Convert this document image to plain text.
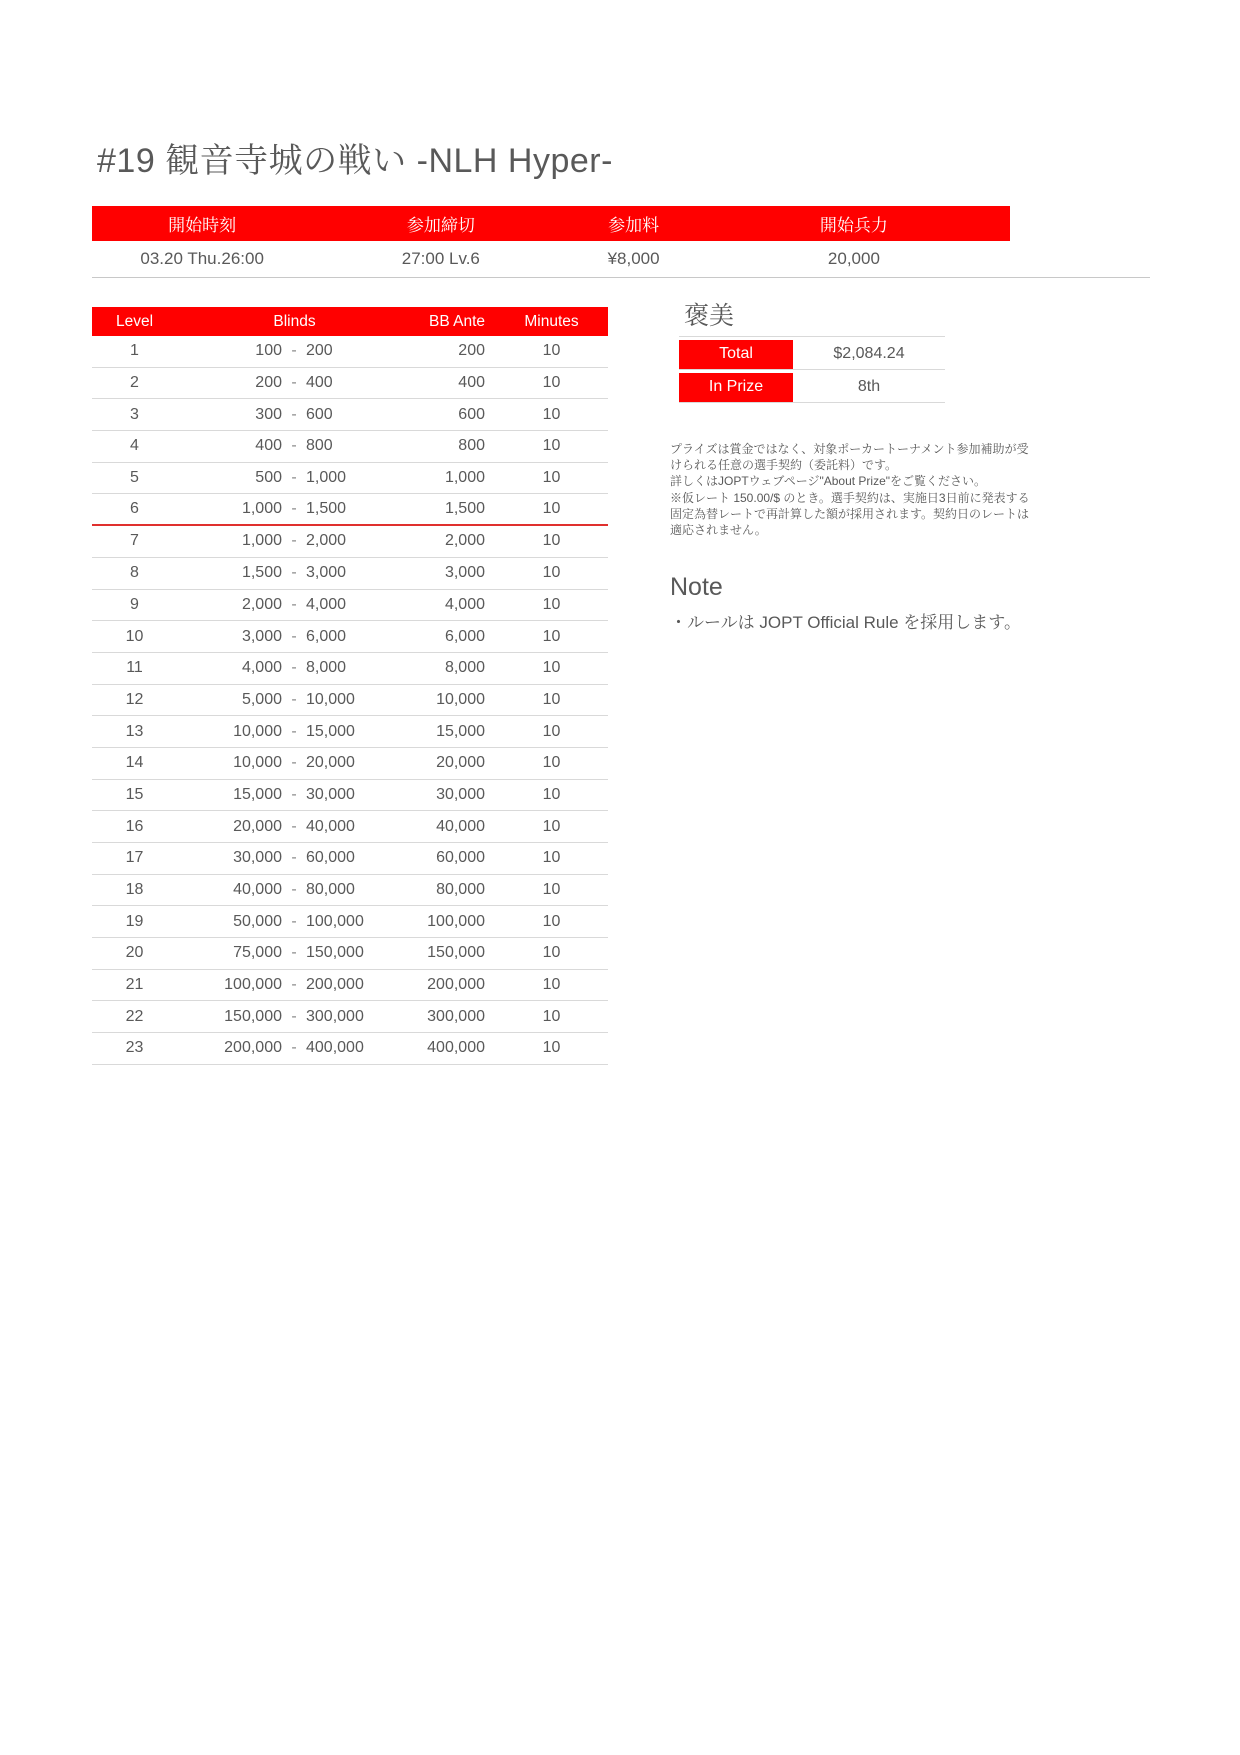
#19 観音寺城の戦い -NLH Hyper-
開始時刻	参加締切	参加料	開始兵力
03.20 Thu.26:00	27:00 Lv.6	¥8,000	20,000
Level	Blinds	BB Ante	Minutes
1	100 - 200	200	10
2	200 - 400	400	10
3	300 - 600	600	10
4	400 - 800	800	10
5	500 - 1,000	1,000	10
6	1,000 - 1,500	1,500	10
7	1,000 - 2,000	2,000	10
8	1,500 - 3,000	3,000	10
9	2,000 - 4,000	4,000	10
10	3,000 - 6,000	6,000	10
11	4,000 - 8,000	8,000	10
12	5,000 - 10,000	10,000	10
13	10,000 - 15,000	15,000	10
14	10,000 - 20,000	20,000	10
15	15,000 - 30,000	30,000	10
16	20,000 - 40,000	40,000	10
17	30,000 - 60,000	60,000	10
18	40,000 - 80,000	80,000	10
19	50,000 - 100,000	100,000	10
20	75,000 - 150,000	150,000	10
21	100,000 - 200,000	200,000	10
22	150,000 - 300,000	300,000	10
23	200,000 - 400,000	400,000	10
褒美
Total	$2,084.24
In Prize	8th
プライズは賞金ではなく、対象ポーカートーナメント参加補助が受けられる任意の選手契約（委託料）です。
詳しくはJOPTウェブページ"About Prize"をご覧ください。
※仮レート 150.00/$ のとき。選手契約は、実施日3日前に発表する固定為替レートで再計算した額が採用されます。契約日のレートは適応されません。
Note
・ルールは JOPT Official Rule を採用します。
